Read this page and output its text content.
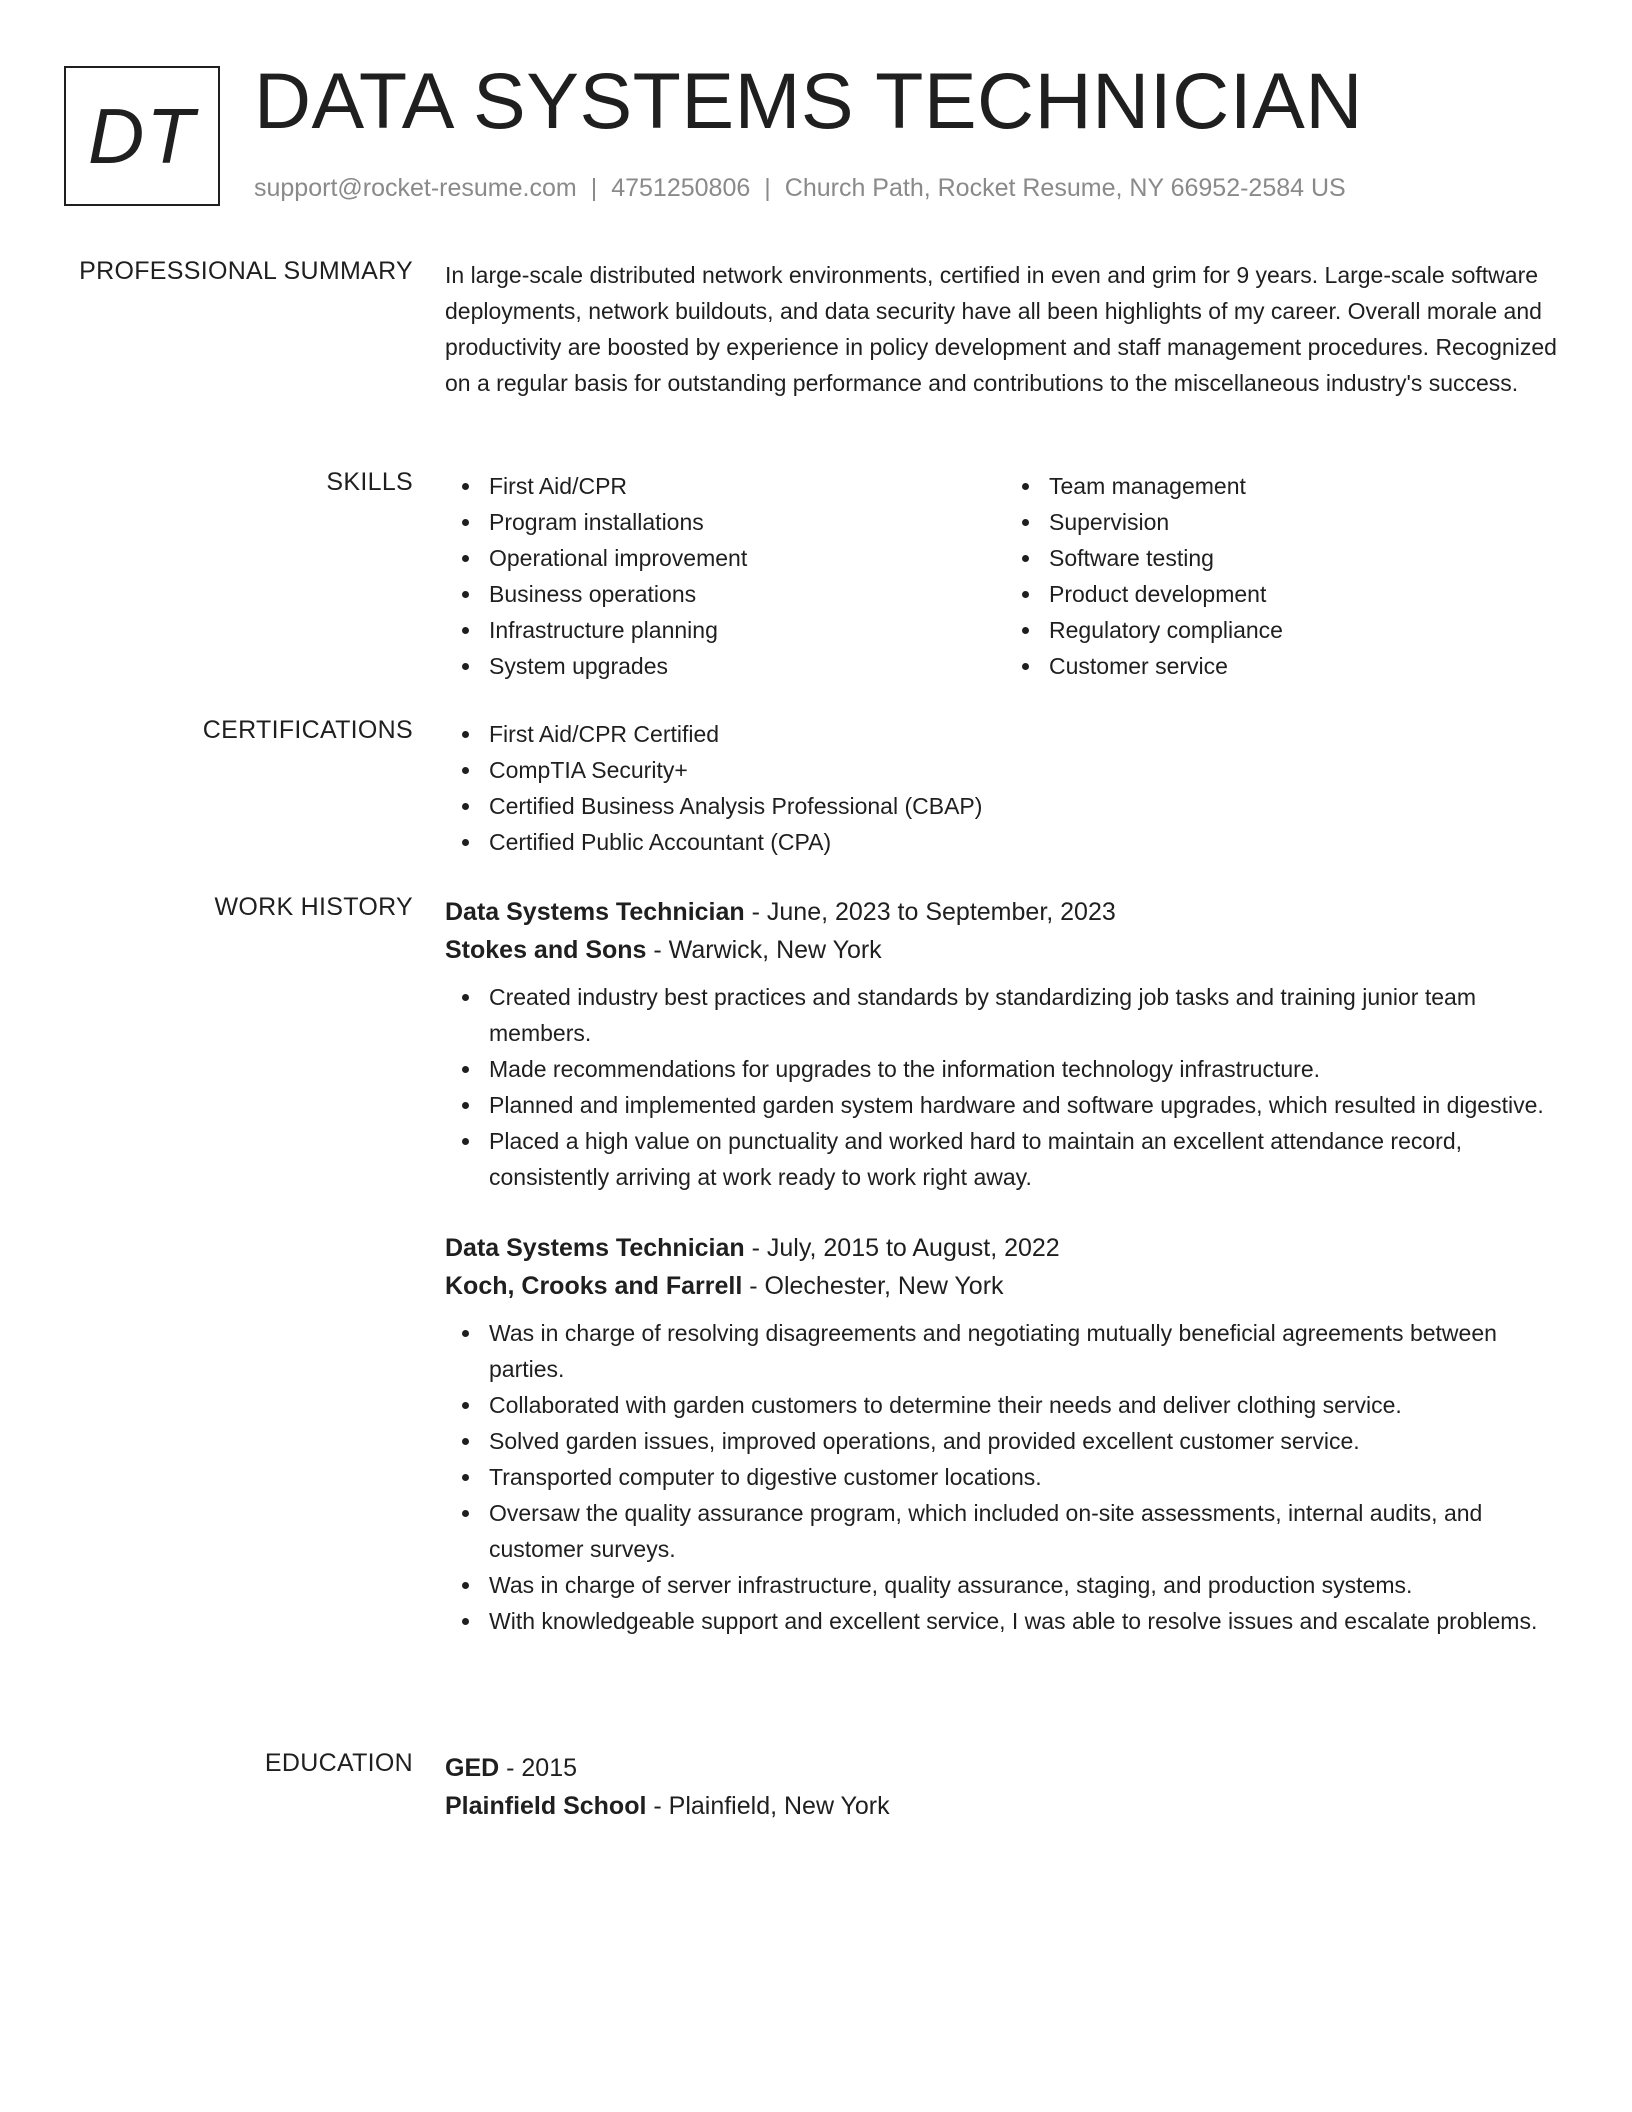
DT DATA SYSTEMS TECHNICIAN
support@rocket-resume.com | 4751250806 | Church Path, Rocket Resume, NY 66952-2584 US
PROFESSIONAL SUMMARY In large-scale distributed network environments, certified in even and grim for 9 years. Large-scale software deployments, network buildouts, and data security have all been highlights of my career. Overall morale and productivity are boosted by experience in policy development and staff management procedures. Recognized on a regular basis for outstanding performance and contributions to the miscellaneous industry's success.

SKILLS	First Aid/CPR
Program installations
Operational improvement
Business operations
Infrastructure planning
System upgrades
Team management
Supervision
Software testing
Product development
Regulatory compliance
Customer service
CERTIFICATIONS	First Aid/CPR Certified
CompTIA Security+
Certified Business Analysis Professional (CBAP)
Certified Public Accountant (CPA)
WORK HISTORY Data Systems Technician - June, 2023 to September, 2023
Stokes and Sons - Warwick, New York
Created industry best practices and standards by standardizing job tasks and training junior team members.
Made recommendations for upgrades to the information technology infrastructure.
Planned and implemented garden system hardware and software upgrades, which resulted in digestive.
Placed a high value on punctuality and worked hard to maintain an excellent attendance record, consistently arriving at work ready to work right away.
Data Systems Technician - July, 2015 to August, 2022
Koch, Crooks and Farrell - Olechester, New York
Was in charge of resolving disagreements and negotiating mutually beneficial agreements between parties.
Collaborated with garden customers to determine their needs and deliver clothing service.
Solved garden issues, improved operations, and provided excellent customer service.
Transported computer to digestive customer locations.
Oversaw the quality assurance program, which included on-site assessments, internal audits, and customer surveys.
Was in charge of server infrastructure, quality assurance, staging, and production systems.
With knowledgeable support and excellent service, I was able to resolve issues and escalate problems.
EDUCATION GED - 2015
Plainfield School - Plainfield, New York
